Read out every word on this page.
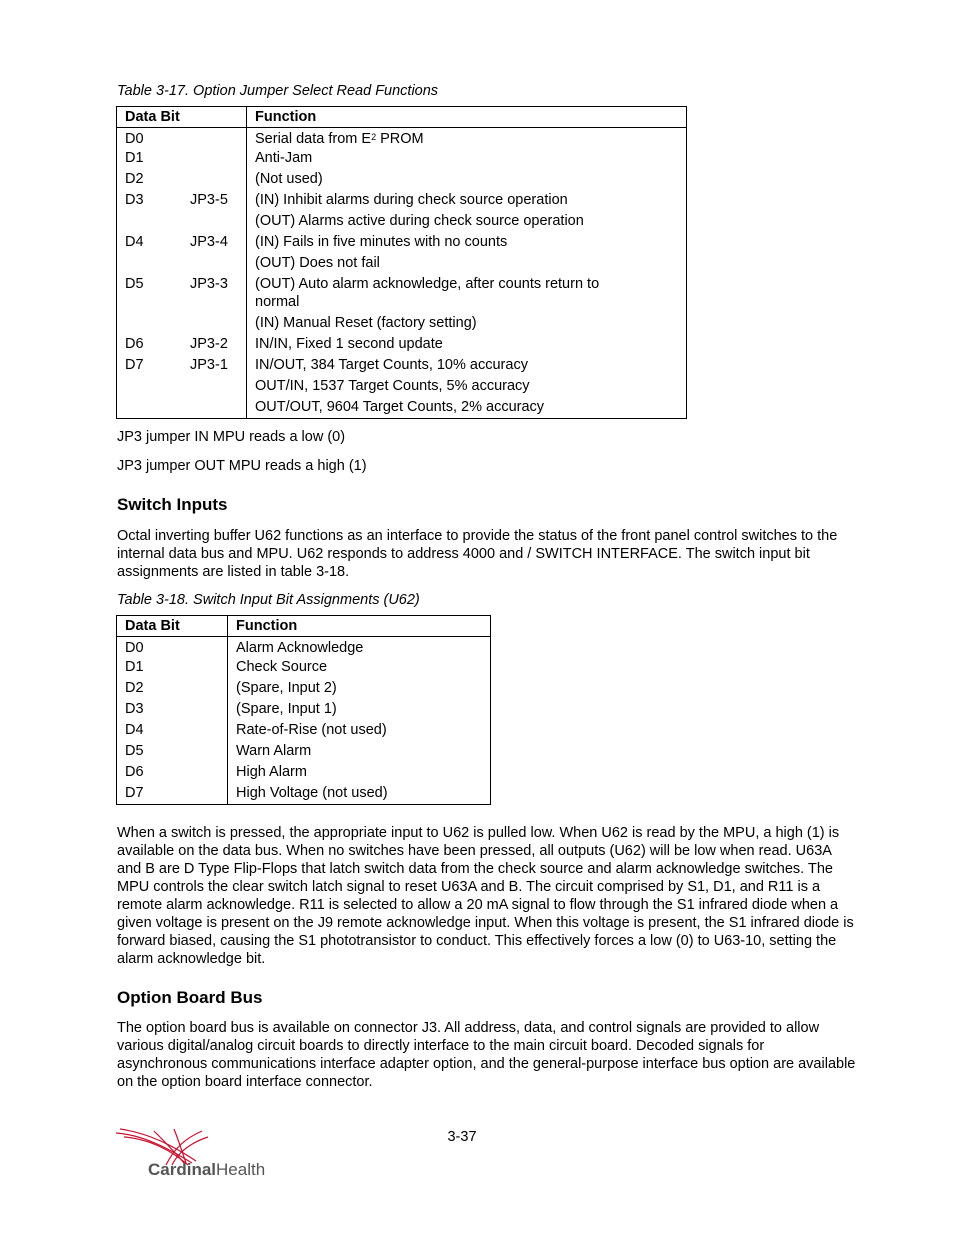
Table 3-17. Option Jumper Select Read Functions
Data Bit	Function
D0	Serial data from $E^2$ PROM
D1	Anti-Jam
D2	(Not used)
D3 JP3-5	(IN) Inhibit alarms during check source operation

	(OUT) Alarms active during check source operation
D4 JP3-4	(IN) Fails in five minutes with no counts

	(OUT) Does not fail
D5 JP3-3	(OUT) Auto alarm acknowledge, after counts return to normal

	(IN) Manual Reset (factory setting)
D6 JP3-2	IN/IN, Fixed 1 second update
D7 JP3-1	IN/OUT, 384 Target Counts, 10% accuracy

	OUT/IN, 1537 Target Counts, 5% accuracy

	OUT/OUT, 9604 Target Counts, 2% accuracy
JP3 jumper IN MPU reads a low (0)
JP3 jumper OUT MPU reads a high (1)
Switch Inputs

Octal inverting buffer U62 functions as an interface to provide the status of the front panel control switches to the internal data bus and MPU. U62 responds to address 4000 and / SWITCH INTERFACE. The switch input bit assignments are listed in table 3-18.

Table 3-18. Switch Input Bit Assignments (U62)
Data Bit	Function
D0	Alarm Acknowledge
D1	Check Source
D2	(Spare, Input 2)
D3	(Spare, Input 1)
D4	Rate-of-Rise (not used)
D5	Warn Alarm
D6	High Alarm
D7	High Voltage (not used)

When a switch is pressed, the appropriate input to U62 is pulled low. When U62 is read by the MPU, a high (1) is available on the data bus. When no switches have been pressed, all outputs (U62) will be low when read. U63A and B are D Type Flip-Flops that latch switch data from the check source and alarm acknowledge switches. The MPU controls the clear switch latch signal to reset U63A and B. The circuit comprised by S1, D1, and R11 is a remote alarm acknowledge. R11 is selected to allow a 20 mA signal to flow through the S1 infrared diode when a given voltage is present on the J9 remote acknowledge input. When this voltage is present, the S1 infrared diode is forward biased, causing the S1 phototransistor to conduct. This effectively forces a low (0) to U63-10, setting the alarm acknowledge bit.

Option Board Bus

The option board bus is available on connector J3. All address, data, and control signals are provided to allow various digital/analog circuit boards to directly interface to the main circuit board. Decoded signals for asynchronous communications interface adapter option, and the general-purpose interface bus option are available on the option board interface connector.

3-37
CardinalHealth
